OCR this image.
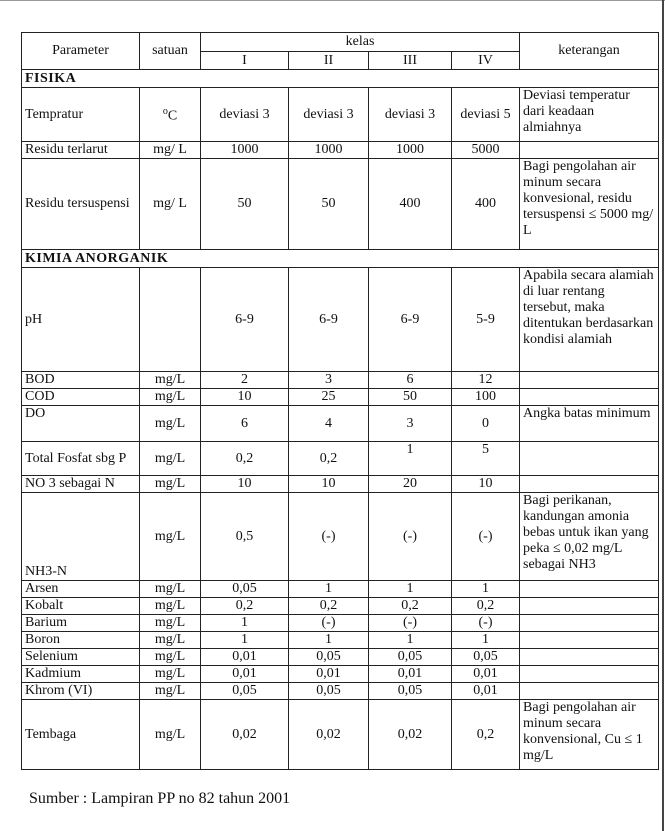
Parameter	satuan	kelas				keterangan
		I	II	III	IV	
FISIKA						
Tempratur	$^o$C	deviasi 3	deviasi 3	deviasi 3	deviasi 5	Deviasi temperatur dari keadaan almiahnya
Residu terlarut	mg/ L	1000	1000	1000	5000	
Residu tersuspensi	mg/ L	50	50	400	400	Bagi pengolahan air minum secara konvesional, residu tersuspensi ≤ 5000 mg/ L
KIMIA ANORGANIK						
pH		6-9	6-9	6-9	5-9	Apabila secara alamiah di luar rentang tersebut, maka ditentukan berdasarkan kondisi alamiah
BOD	mg/L	2	3	6	12	
COD	mg/L	10	25	50	100	
DO	mg/L	6	4	3	0	Angka batas minimum
Total Fosfat sbg P	mg/L	0,2	0,2	1	5	
NO 3 sebagai N	mg/L	10	10	20	10	
NH3-N	mg/L	0,5	(-)	(-)	(-)	Bagi perikanan, kandungan amonia bebas untuk ikan yang peka ≤ 0,02 mg/L sebagai NH3
Arsen	mg/L	0,05	1	1	1	
Kobalt	mg/L	0,2	0,2	0,2	0,2	
Barium	mg/L	1	(-)	(-)	(-)	
Boron	mg/L	1	1	1	1	
Selenium	mg/L	0,01	0,05	0,05	0,05	
Kadmium	mg/L	0,01	0,01	0,01	0,01	
Khrom (VI)	mg/L	0,05	0,05	0,05	0,01	
Tembaga	mg/L	0,02	0,02	0,02	0,2	Bagi pengolahan air minum secara konvensional, Cu ≤ 1 mg/L
Sumber : Lampiran PP no 82 tahun 2001
